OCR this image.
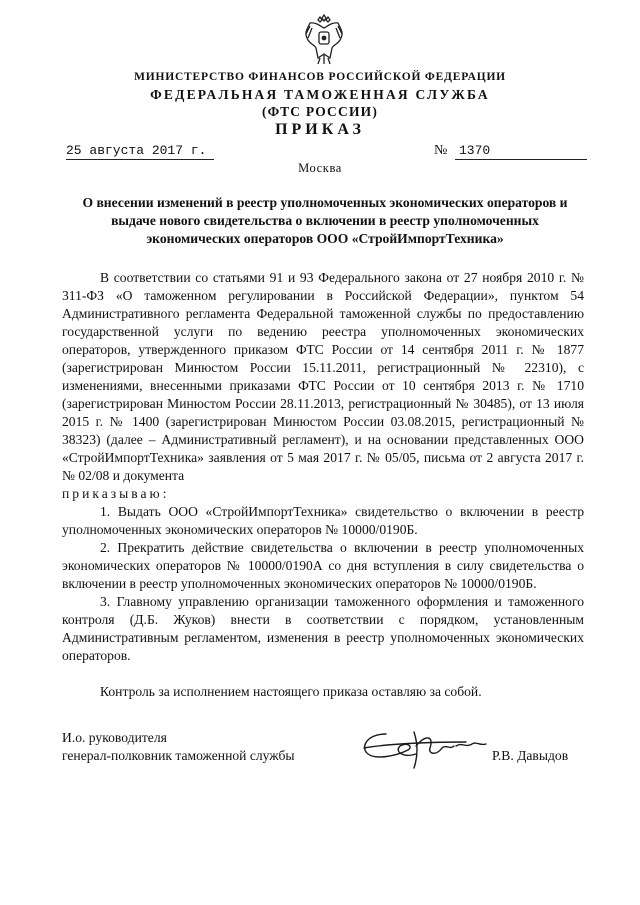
МИНИСТЕРСТВО ФИНАНСОВ РОССИЙСКОЙ ФЕДЕРАЦИИ
ФЕДЕРАЛЬНАЯ ТАМОЖЕННАЯ СЛУЖБА
(ФТС РОССИИ)
ПРИКАЗ
25 августа 2017 г.	№ 1370
Москва
О внесении изменений в реестр уполномоченных экономических операторов и выдаче нового свидетельства о включении в реестр уполномоченных экономических операторов ООО «СтройИмпортТехника»

В соответствии со статьями 91 и 93 Федерального закона от 27 ноября 2010 г. № 311-ФЗ «О таможенном регулировании в Российской Федерации», пунктом 54 Административного регламента Федеральной таможенной службы по предоставлению государственной услуги по ведению реестра уполномоченных экономических операторов, утвержденного приказом ФТС России от 14 сентября 2011 г. № 1877 (зарегистрирован Минюстом России 15.11.2011, регистрационный № 22310), с изменениями, внесенными приказами ФТС России от 10 сентября 2013 г. № 1710 (зарегистрирован Минюстом России 28.11.2013, регистрационный № 30485), от 13 июля 2015 г. № 1400 (зарегистрирован Минюстом России 03.08.2015, регистрационный № 38323) (далее – Административный регламент), и на основании представленных ООО «СтройИмпортТехника» заявления от 5 мая 2017 г. № 05/05, письма от 2 августа 2017 г. № 02/08 и документа

приказываю:

1. Выдать ООО «СтройИмпортТехника» свидетельство о включении в реестр уполномоченных экономических операторов № 10000/0190Б.

2. Прекратить действие свидетельства о включении в реестр уполномоченных экономических операторов № 10000/0190А со дня вступления в силу свидетельства о включении в реестр уполномоченных экономических операторов № 10000/0190Б.

3. Главному управлению организации таможенного оформления и таможенного контроля (Д.Б. Жуков) внести в соответствии с порядком, установленным Административным регламентом, изменения в реестр уполномоченных экономических операторов.

Контроль за исполнением настоящего приказа оставляю за собой.

И.о. руководителя
генерал-полковник таможенной службы	Р.В. Давыдов
